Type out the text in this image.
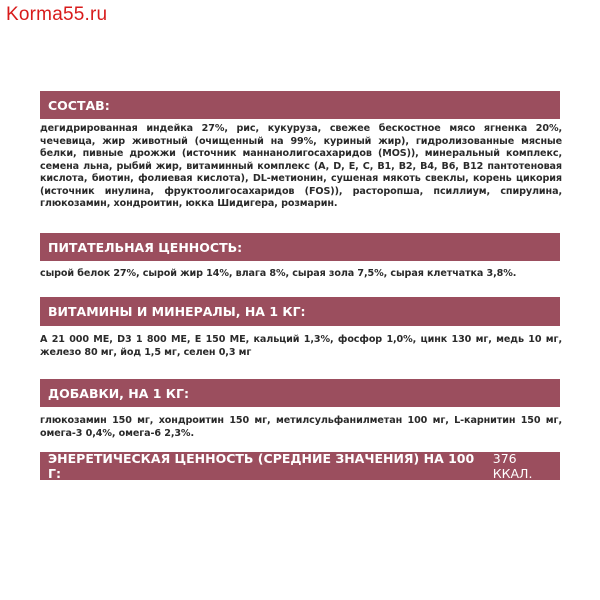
Korma55.ru
СОСТАВ:
дегидрированная индейка 27%, рис, кукуруза, свежее бескостное мясо ягненка 20%, чечевица, жир животный (очищенный на 99%, куриный жир), гидролизованные мясные белки, пивные дрожжи (источник маннанолигосахаридов (MOS)), минеральный комплекс, семена льна, рыбий жир, витаминный комплекс (A, D, E, C, B1, B2, B4, B6, B12 пантотеновая кислота, биотин, фолиевая кислота), DL-метионин, сушеная мякоть свеклы, корень цикория (источник инулина, фруктоолигосахаридов (FOS)), расторопша, псиллиум, спирулина, глюкозамин, хондроитин, юкка Шидигера, розмарин.
ПИТАТЕЛЬНАЯ ЦЕННОСТЬ:
сырой белок 27%, сырой жир 14%, влага 8%, сырая зола 7,5%, сырая клетчатка 3,8%.
ВИТАМИНЫ И МИНЕРАЛЫ, НА 1 КГ:
A 21 000 ME, D3 1 800 ME, E 150 ME, кальций 1,3%, фосфор 1,0%, цинк 130 мг, медь 10 мг, железо 80 мг, йод 1,5 мг, селен 0,3 мг
ДОБАВКИ, НА 1 КГ:
глюкозамин 150 мг, хондроитин 150 мг, метилсульфанилметан 100 мг, L-карнитин 150 мг, омега-3 0,4%, омега-6 2,3%.
ЭНЕРЕТИЧЕСКАЯ ЦЕННОСТЬ (СРЕДНИЕ ЗНАЧЕНИЯ) НА 100 Г:
376 ККАЛ.
